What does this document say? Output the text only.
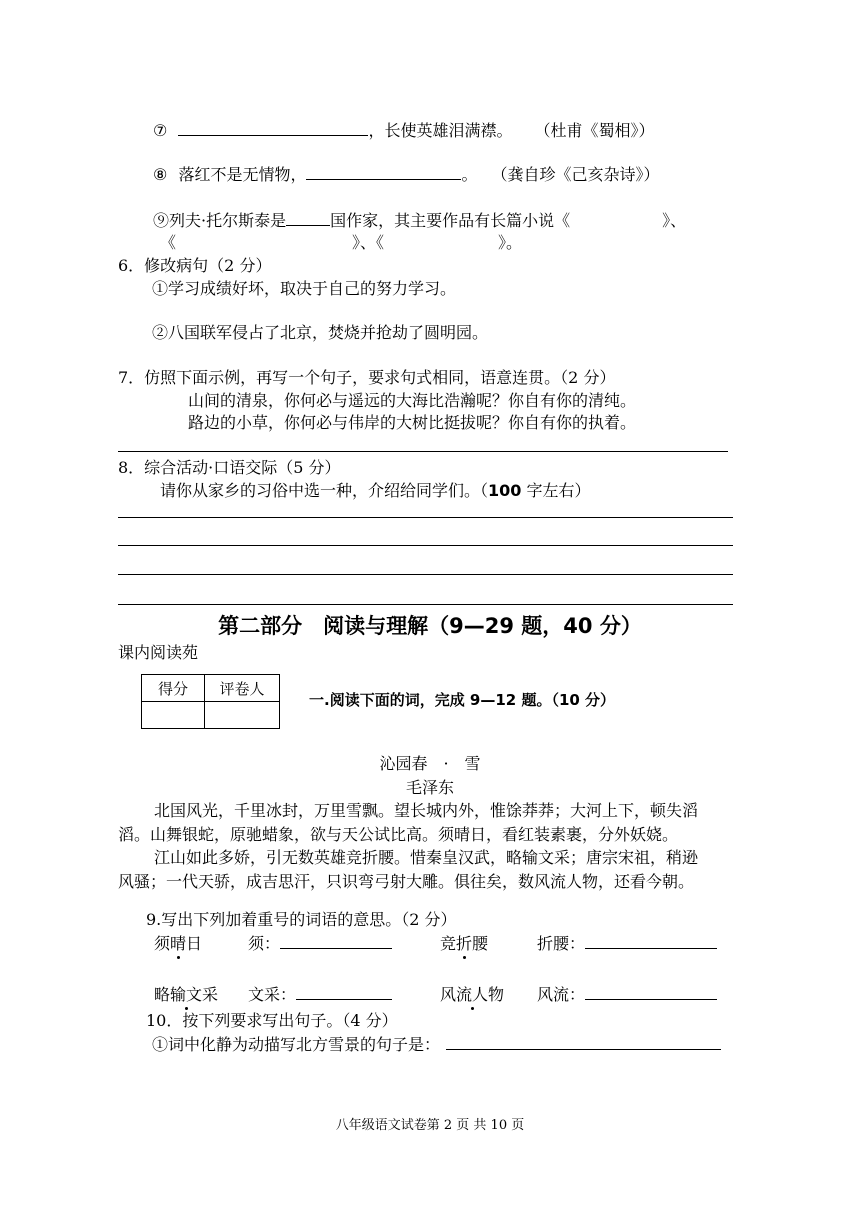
⑦	，长使英雄泪满襟。 （杜甫《蜀相》）
⑧ 落红不是无情物，	。 （龚自珍《己亥杂诗》）
⑨列夫·托尔斯泰是	国作家，其主要作品有长篇小说《	》、
《	》、《	》。
6．修改病句（2 分）
①学习成绩好坏，取决于自己的努力学习。
②八国联军侵占了北京，焚烧并抢劫了圆明园。
7．仿照下面示例，再写一个句子，要求句式相同，语意连贯。（2 分）
山间的清泉，你何必与遥远的大海比浩瀚呢？你自有你的清纯。
路边的小草，你何必与伟岸的大树比挺拔呢？你自有你的执着。
8．综合活动·口语交际（5 分）
请你从家乡的习俗中选一种，介绍给同学们。（100 字左右）
第二部分　阅读与理解（9—29 题，40 分）
课内阅读苑
得分	评卷人

一.阅读下面的词，完成 9—12 题。（10 分）
沁园春　·　雪
毛泽东
北国风光，千里冰封，万里雪飘。望长城内外，惟馀莽莽；大河上下，顿失滔
滔。山舞银蛇，原驰蜡象，欲与天公试比高。须晴日，看红装素裹，分外妖娆。
江山如此多娇，引无数英雄竞折腰。惜秦皇汉武，略输文采；唐宗宋祖，稍逊
风骚；一代天骄，成吉思汗，只识弯弓射大雕。俱往矣，数风流人物，还看今朝。
9.写出下列加着重号的词语的意思。（2 分）
须晴日	须：	竞折腰	折腰：
略输文采 文采：	风流人物 风流：
10．按下列要求写出句子。（4 分）
①词中化静为动描写北方雪景的句子是：
八年级语文试卷第 2 页 共 10 页
